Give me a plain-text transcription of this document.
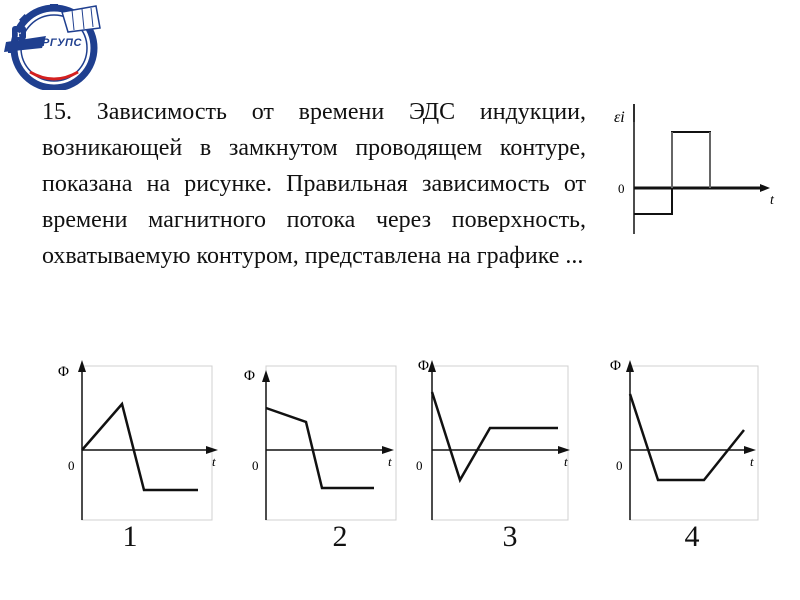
r
РГУПС

15. Зависимость от времени ЭДС индукции, возникающей в замкнутом проводящем контуре, показана на рисунке. Правильная зависимость от времени магнитного потока через поверхность, охватываемую контуром, представлена на графике ...

εi
0
t
Φ
0	t
Φ
0	t
Φ
0	t
Φ
0	t
1	2	3	4
